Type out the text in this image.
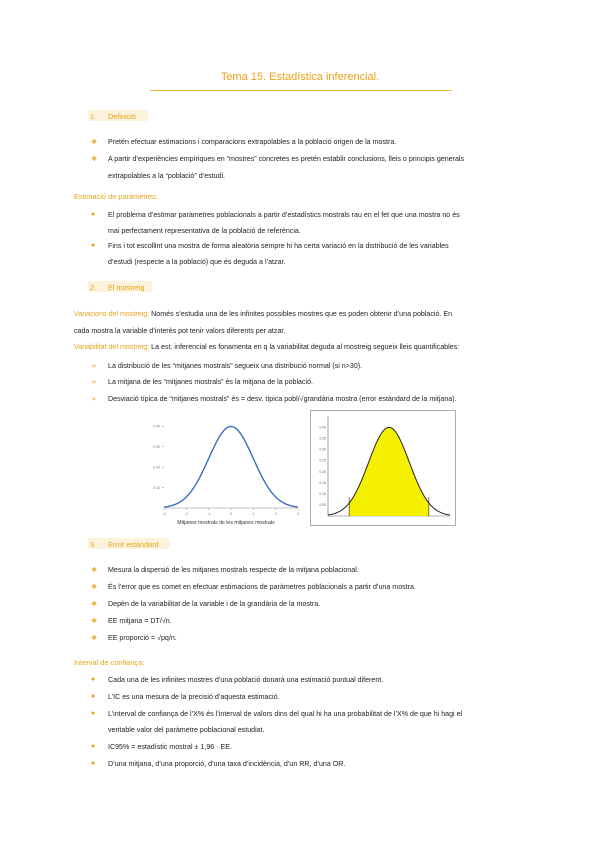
Tema 15. Estadística inferencial.
1. Definició
❖ Pretén efectuar estimacions i comparacions extrapolables a la població origen de la mostra.
❖ A partir d’experiències empíriques en “mostres” concretes es pretén establir conclusions, lleis o principis generals
extrapolables a la “població” d’estudi.
Estimació de paràmetres:
● El problema d’estimar paràmetres poblacionals a partir d’estadístics mostrals rau en el fet que una mostra no és
mai perfectament representativa de la població de referència.
● Fins i tot escollint una mostra de forma aleatòria sempre hi ha certa variació en la distribució de les variables
d’estudi (respecte a la població) que és deguda a l’atzar.
2. El mostreig
Variacions del mostreig: Només s’estudia una de les infinites possibles mostres que es poden obtenir d’una població. En
cada mostra la variable d’interès pot tenir valors diferents per atzar.
Variabilitat del mostreig: La est. inferencial es fonamenta en q la variabilitat deguda al mostreig segueix lleis quantificables:
➢ La distribució de les “mitjanes mostrals” segueix una distribució normal (si n>30).
➢ La mitjana de les “mitjanes mostrals” és la mitjana de la població.
➢ Desviació típica de “mitjanes mostrals” és = desv. típica pobl/√grandària mostra (error estàndard de la mitjana).
0.10
0.20
0.30
0.40
-3	-2	-1	0	1	2	3
Mitjanes mostrals de les mitjanes mostrals
0.05
0.10
0.15
0.20
0.25
0.30
0.35
0.40
3. Error estàndard
❖ Mesura la dispersió de les mitjanes mostrals respecte de la mitjana poblacional.
❖ És l’error que es comet en efectuar estimacions de paràmetres poblacionals a partir d’una mostra.
❖ Depèn de la variabilitat de la variable i de la grandària de la mostra.
❖ EE mitjana = DT/√n.
❖ EE proporció = √pq/n.
Interval de confiança:
● Cada una de les infinites mostres d’una població donarà una estimació puntual diferent.
● L’IC es una mesura de la precisió d’aquesta estimació.
● L’interval de confiança de l’X% és l’interval de valors dins del qual hi ha una probabilitat de l’X% de que hi hagi el
veritable valor del paràmetre poblacional estudiat.
● IC95% = estadístic mostral ± 1,96 · EE.
● D’una mitjana, d’una proporció, d’una taxa d’incidència, d’un RR, d’una OR.
